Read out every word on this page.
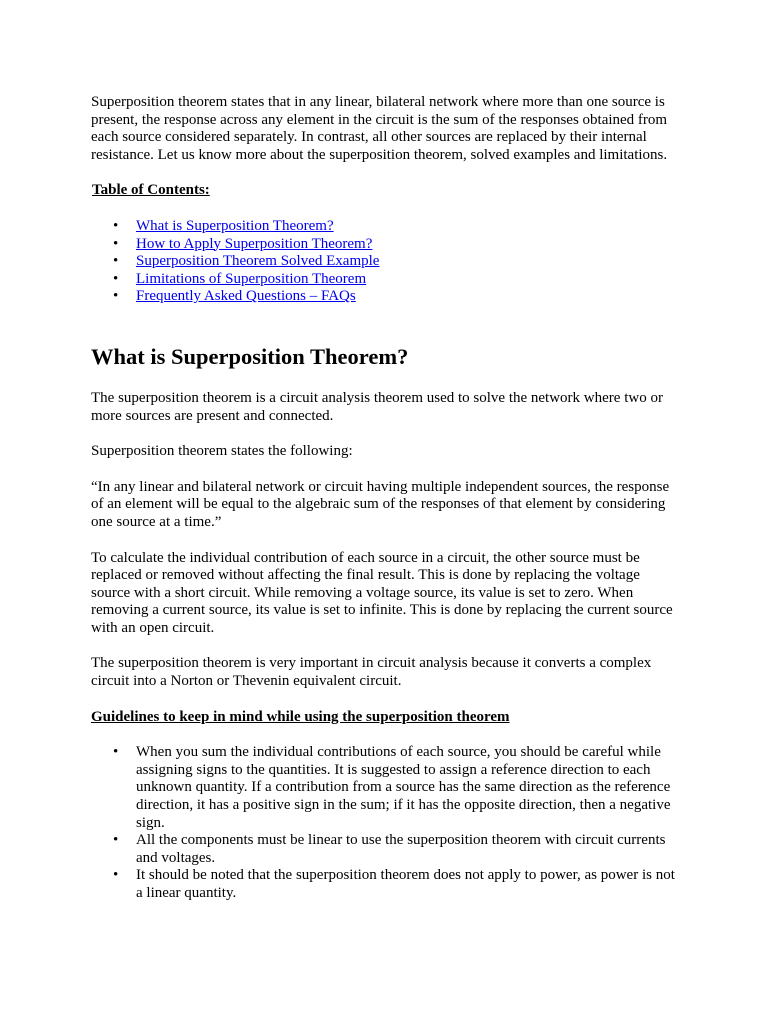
Superposition theorem states that in any linear, bilateral network where more than one source is present, the response across any element in the circuit is the sum of the responses obtained from each source considered separately. In contrast, all other sources are replaced by their internal resistance. Let us know more about the superposition theorem, solved examples and limitations.

Table of Contents:
• What is Superposition Theorem?
• How to Apply Superposition Theorem?
• Superposition Theorem Solved Example
• Limitations of Superposition Theorem
• Frequently Asked Questions – FAQs
What is Superposition Theorem?

The superposition theorem is a circuit analysis theorem used to solve the network where two or more sources are present and connected.

Superposition theorem states the following:

“In any linear and bilateral network or circuit having multiple independent sources, the response of an element will be equal to the algebraic sum of the responses of that element by considering one source at a time.”

To calculate the individual contribution of each source in a circuit, the other source must be replaced or removed without affecting the final result. This is done by replacing the voltage source with a short circuit. While removing a voltage source, its value is set to zero. When removing a current source, its value is set to infinite. This is done by replacing the current source with an open circuit.

The superposition theorem is very important in circuit analysis because it converts a complex circuit into a Norton or Thevenin equivalent circuit.

Guidelines to keep in mind while using the superposition theorem
• When you sum the individual contributions of each source, you should be careful while assigning signs to the quantities. It is suggested to assign a reference direction to each unknown quantity. If a contribution from a source has the same direction as the reference direction, it has a positive sign in the sum; if it has the opposite direction, then a negative sign.
• All the components must be linear to use the superposition theorem with circuit currents and voltages.
• It should be noted that the superposition theorem does not apply to power, as power is not a linear quantity.
